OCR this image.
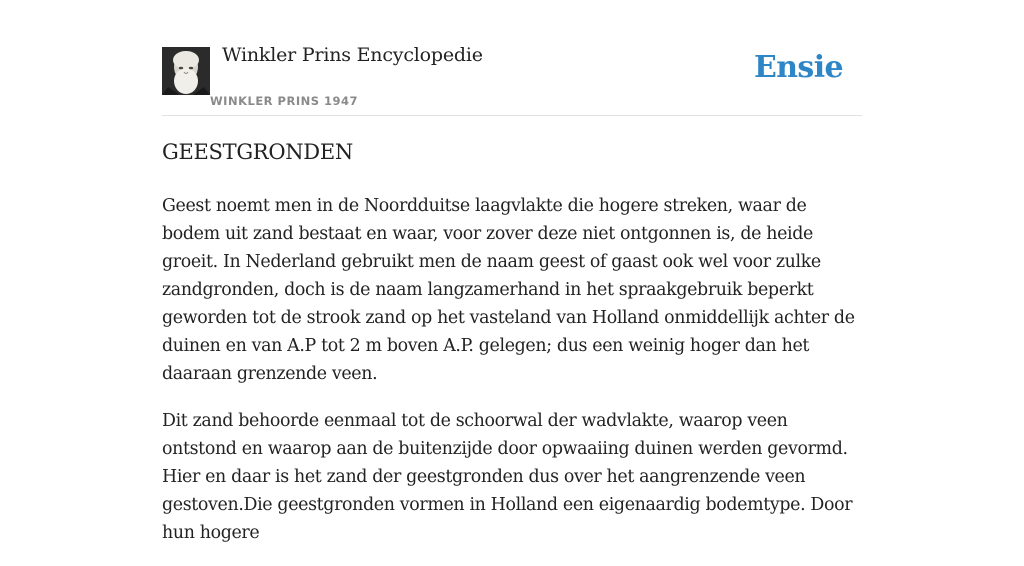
Winkler Prins Encyclopedie
WINKLER PRINS 1947
Ensie
GEESTGRONDEN

Geest noemt men in de Noordduitse laagvlakte die hogere streken, waar de bodem uit zand bestaat en waar, voor zover deze niet ontgonnen is, de heide groeit. In Nederland gebruikt men de naam geest of gaast ook wel voor zulke zandgronden, doch is de naam langzamerhand in het spraakgebruik beperkt geworden tot de strook zand op het vasteland van Holland onmiddellijk achter de duinen en van A.P tot 2 m boven A.P. gelegen; dus een weinig hoger dan het daaraan grenzende veen.

Dit zand behoorde eenmaal tot de schoorwal der wadvlakte, waarop veen ontstond en waarop aan de buitenzijde door opwaaiing duinen werden gevormd. Hier en daar is het zand der geestgronden dus over het aangrenzende veen gestoven.Die geestgronden vormen in Holland een eigenaardig bodemtype. Door hun hogere
